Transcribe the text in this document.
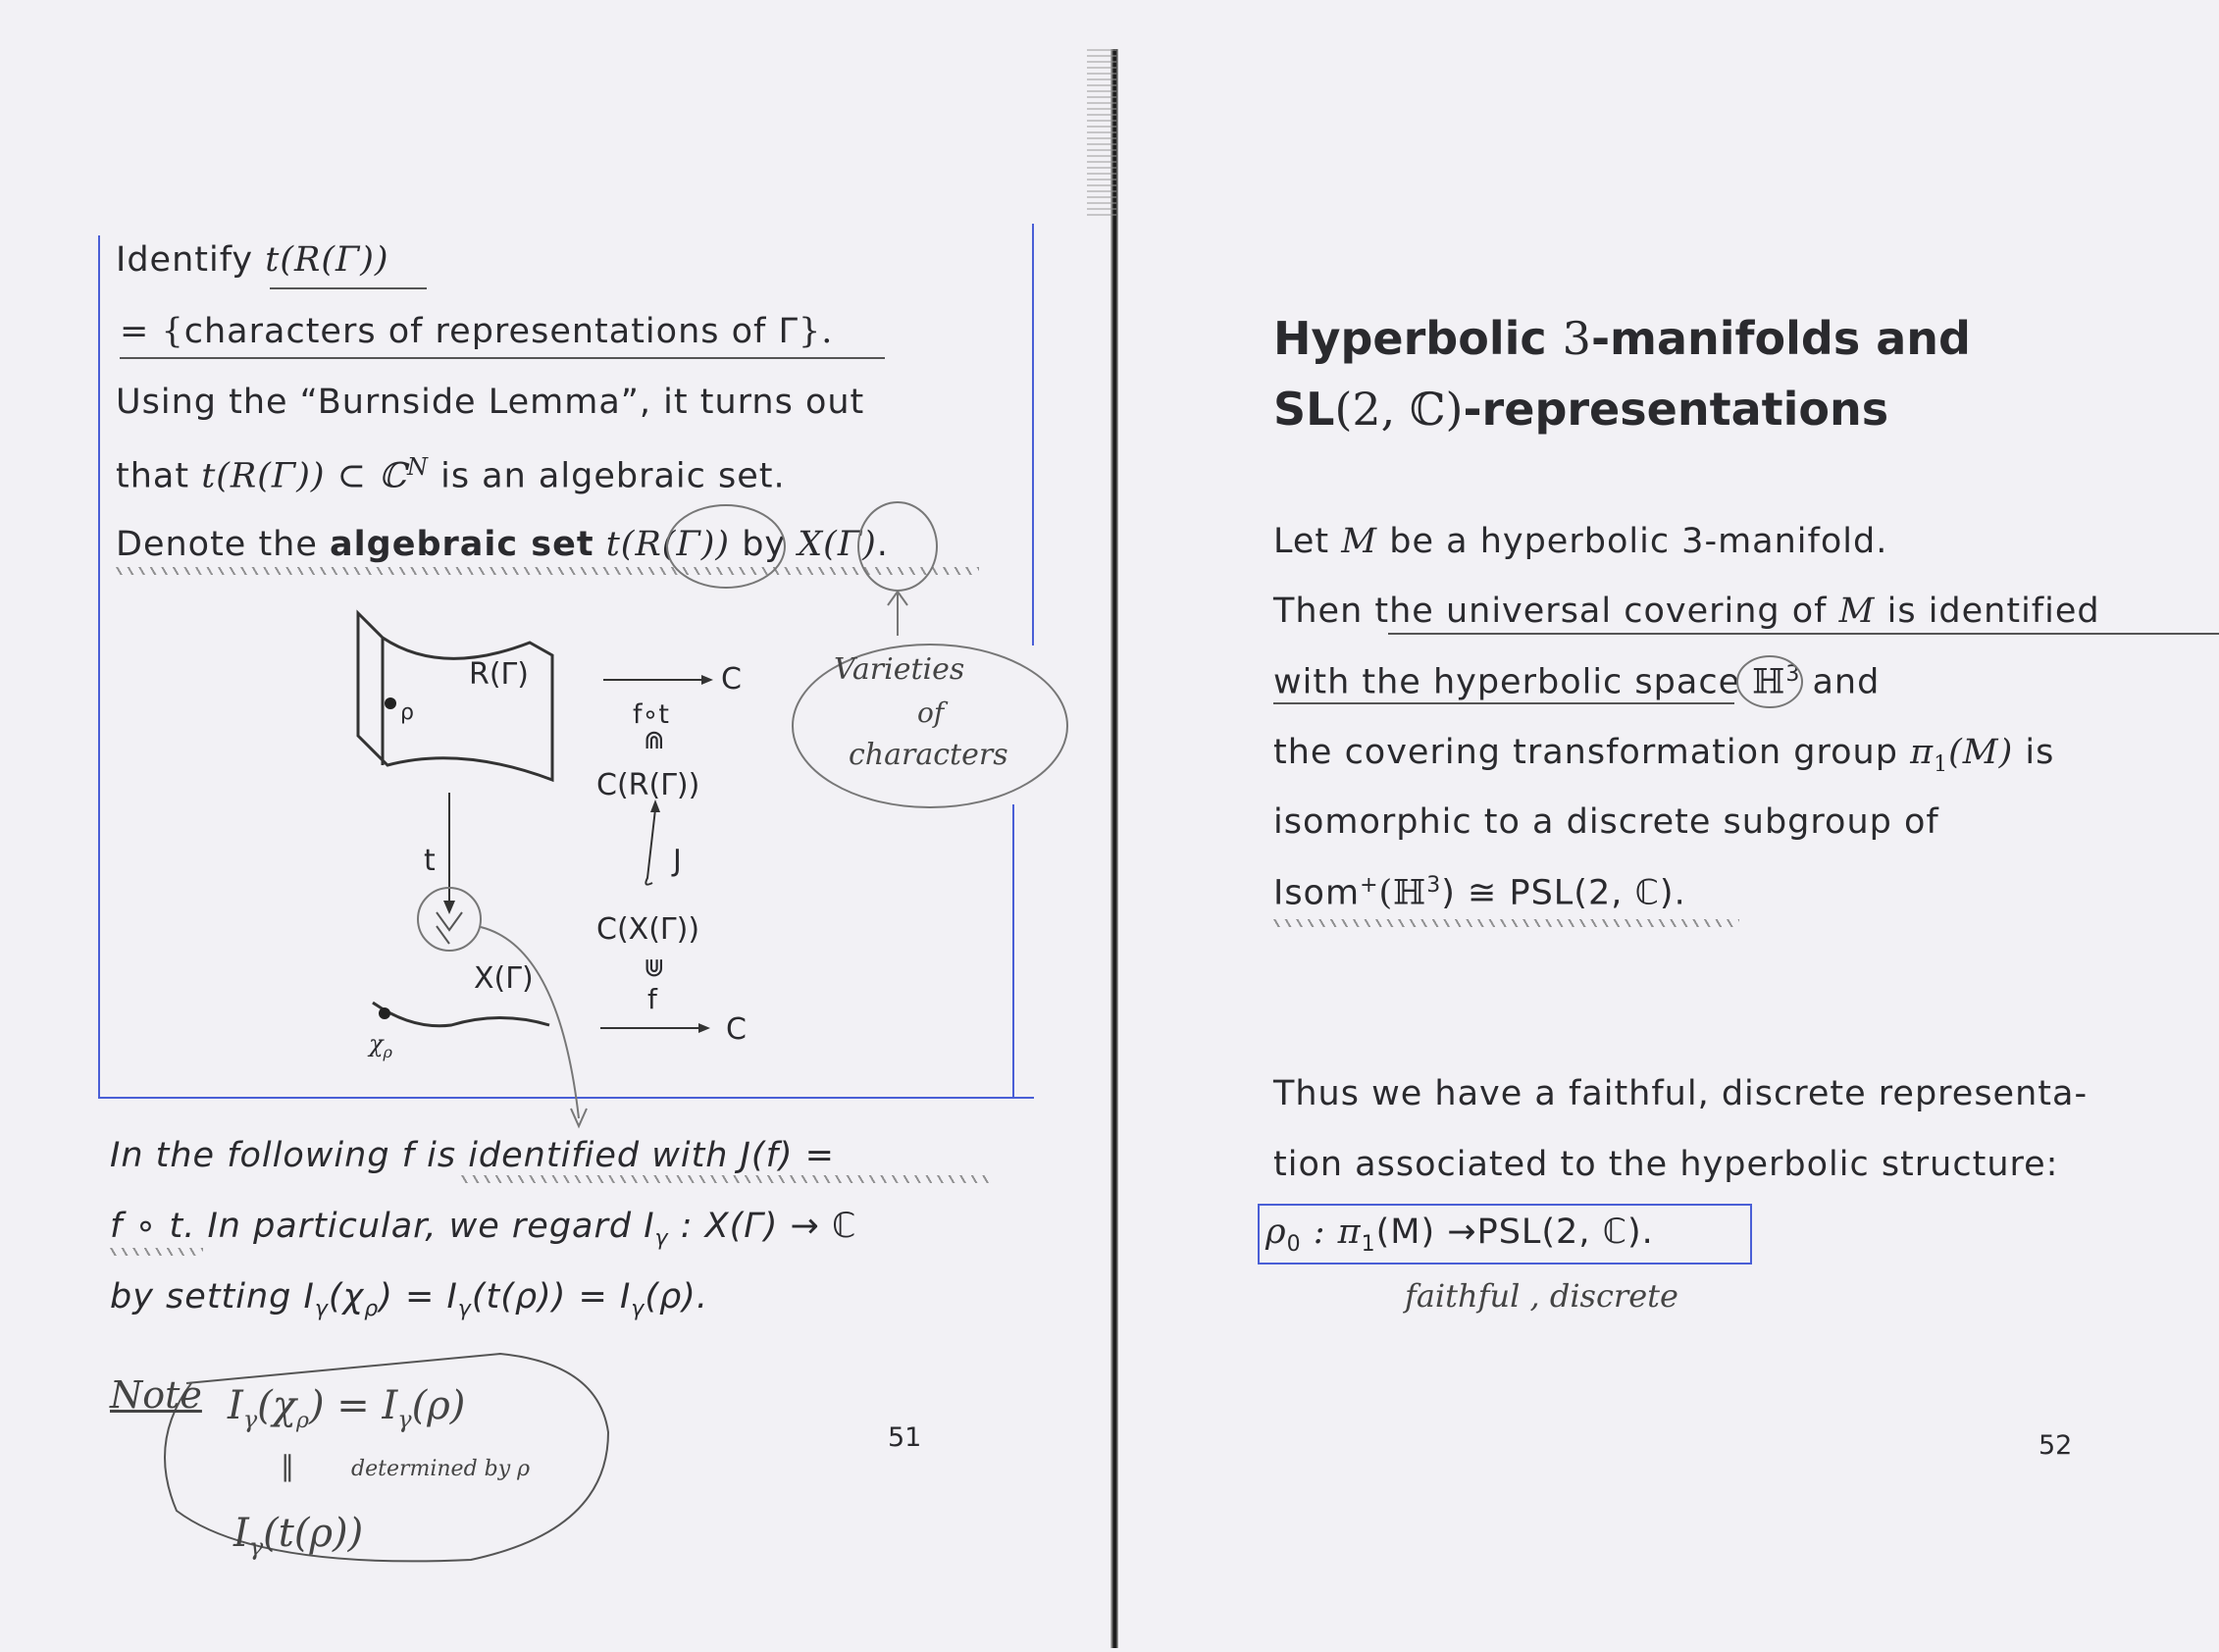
Identify t(R(Γ))
= {characters of representations of Γ}.
Using the “Burnside Lemma”, it turns out
that t(R(Γ)) ⊂ ℂ$^N$ is an algebraic set.
Denote the algebraic set t(R(Γ)) by X(Γ).
R(Γ)
ρ
C
f∘t
⋒
C(R(Γ))
J
t
C(X(Γ))
⋓
f
C
X(Γ)
$\chi_\rho$
Varieties
of
characters
In the following f is identified with J(f) =
f ∘ t. In particular, we regard $I_\gamma$ : X(Γ) → ℂ
by setting $I_\gamma(\chi_\rho) = I_\gamma(t(\rho)) = I_\gamma(\rho)$.
Note $I_\gamma(\chi_\rho) = I_\gamma(\rho)$
‖	determined by ρ
$I_\gamma(t(\rho))$
51
Hyperbolic 3-manifolds and
SL(2, ℂ)-representations
Let M be a hyperbolic 3-manifold.
Then the universal covering of M is identified
with the hyperbolic space ℍ$^3$ and
the covering transformation group $\pi_1(M)$ is
isomorphic to a discrete subgroup of
Isom+(ℍ$^3$) ≅ PSL(2, ℂ).
Thus we have a faithful, discrete representa-
tion associated to the hyperbolic structure:
$\rho_0$ : $\pi_1(M) \to PSL(2$, ℂ).
faithful , discrete
52
